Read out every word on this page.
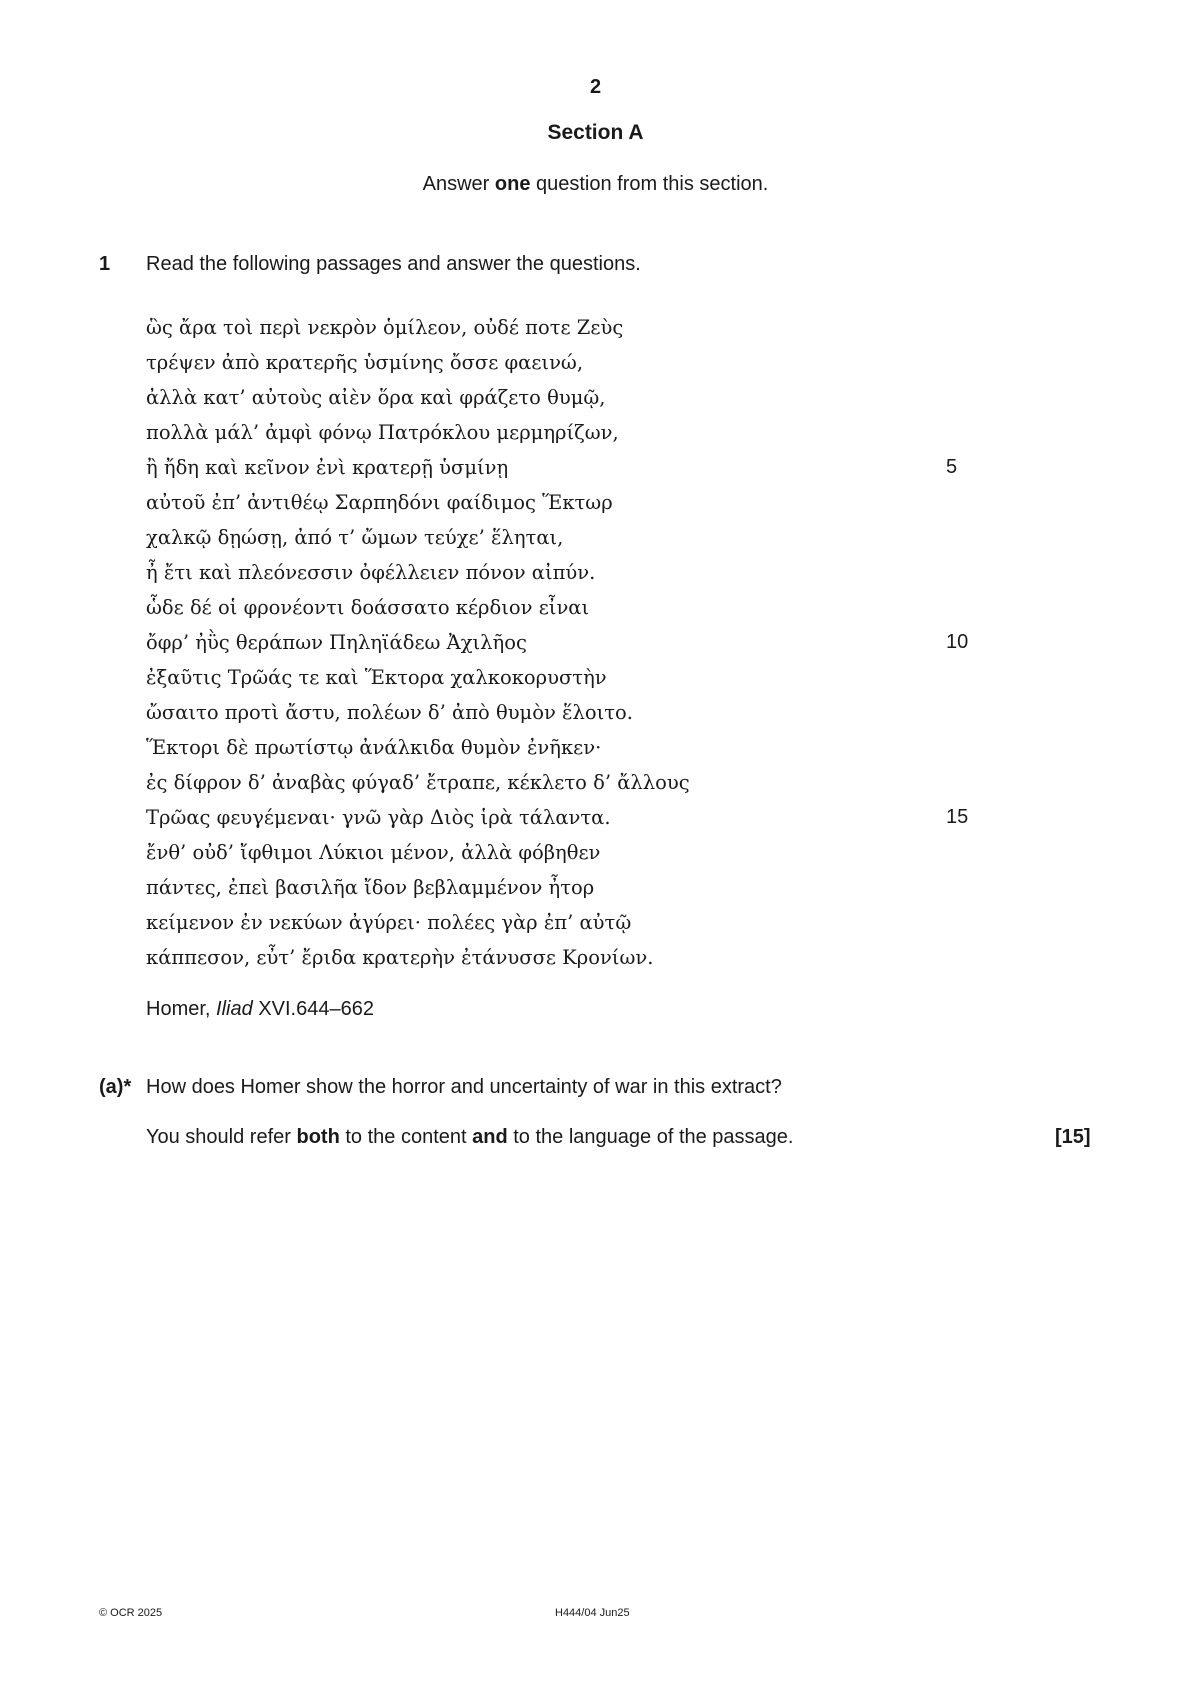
2
Section A
Answer one question from this section.
1 Read the following passages and answer the questions.
ὣς ἄρα τοὶ περὶ νεκρὸν ὁμίλεον, οὐδέ ποτε Ζεὺς
τρέψεν ἀπὸ κρατερῆς ὑσμίνης ὄσσε φαεινώ,
ἀλλὰ κατ’ αὐτοὺς αἰὲν ὅρα καὶ φράζετο θυμῷ,
πολλὰ μάλ’ ἀμφὶ φόνῳ Πατρόκλου μερμηρίζων,
ἢ ἤδη καὶ κεῖνον ἐνὶ κρατερῇ ὑσμίνῃ	5
αὐτοῦ ἐπ’ ἀντιθέῳ Σαρπηδόνι φαίδιμος Ἕκτωρ
χαλκῷ δῃώσῃ, ἀπό τ’ ὤμων τεύχε’ ἕληται,
ἦ ἔτι καὶ πλεόνεσσιν ὀφέλλειεν πόνον αἰπύν.
ὧδε δέ οἱ φρονέοντι δοάσσατο κέρδιον εἶναι
ὄφρ’ ἠῢς θεράπων Πηληϊάδεω Ἀχιλῆος	10
ἐξαῦτις Τρῶάς τε καὶ Ἕκτορα χαλκοκορυστὴν
ὤσαιτο προτὶ ἄστυ, πολέων δ’ ἀπὸ θυμὸν ἕλοιτο.
Ἕκτορι δὲ πρωτίστῳ ἀνάλκιδα θυμὸν ἐνῆκεν·
ἐς δίφρον δ’ ἀναβὰς φύγαδ’ ἔτραπε, κέκλετο δ’ ἄλλους
Τρῶας φευγέμεναι· γνῶ γὰρ Διὸς ἱρὰ τάλαντα.	15
ἔνθ’ οὐδ’ ἴφθιμοι Λύκιοι μένον, ἀλλὰ φόβηθεν
πάντες, ἐπεὶ βασιλῆα ἴδον βεβλαμμένον ἦτορ
κείμενον ἐν νεκύων ἀγύρει· πολέες γὰρ ἐπ’ αὐτῷ
κάππεσον, εὖτ’ ἔριδα κρατερὴν ἐτάνυσσε Κρονίων.
Homer, Iliad XVI.644–662
(a)* How does Homer show the horror and uncertainty of war in this extract?
You should refer both to the content and to the language of the passage.	[15]
© OCR 2025	H444/04 Jun25
